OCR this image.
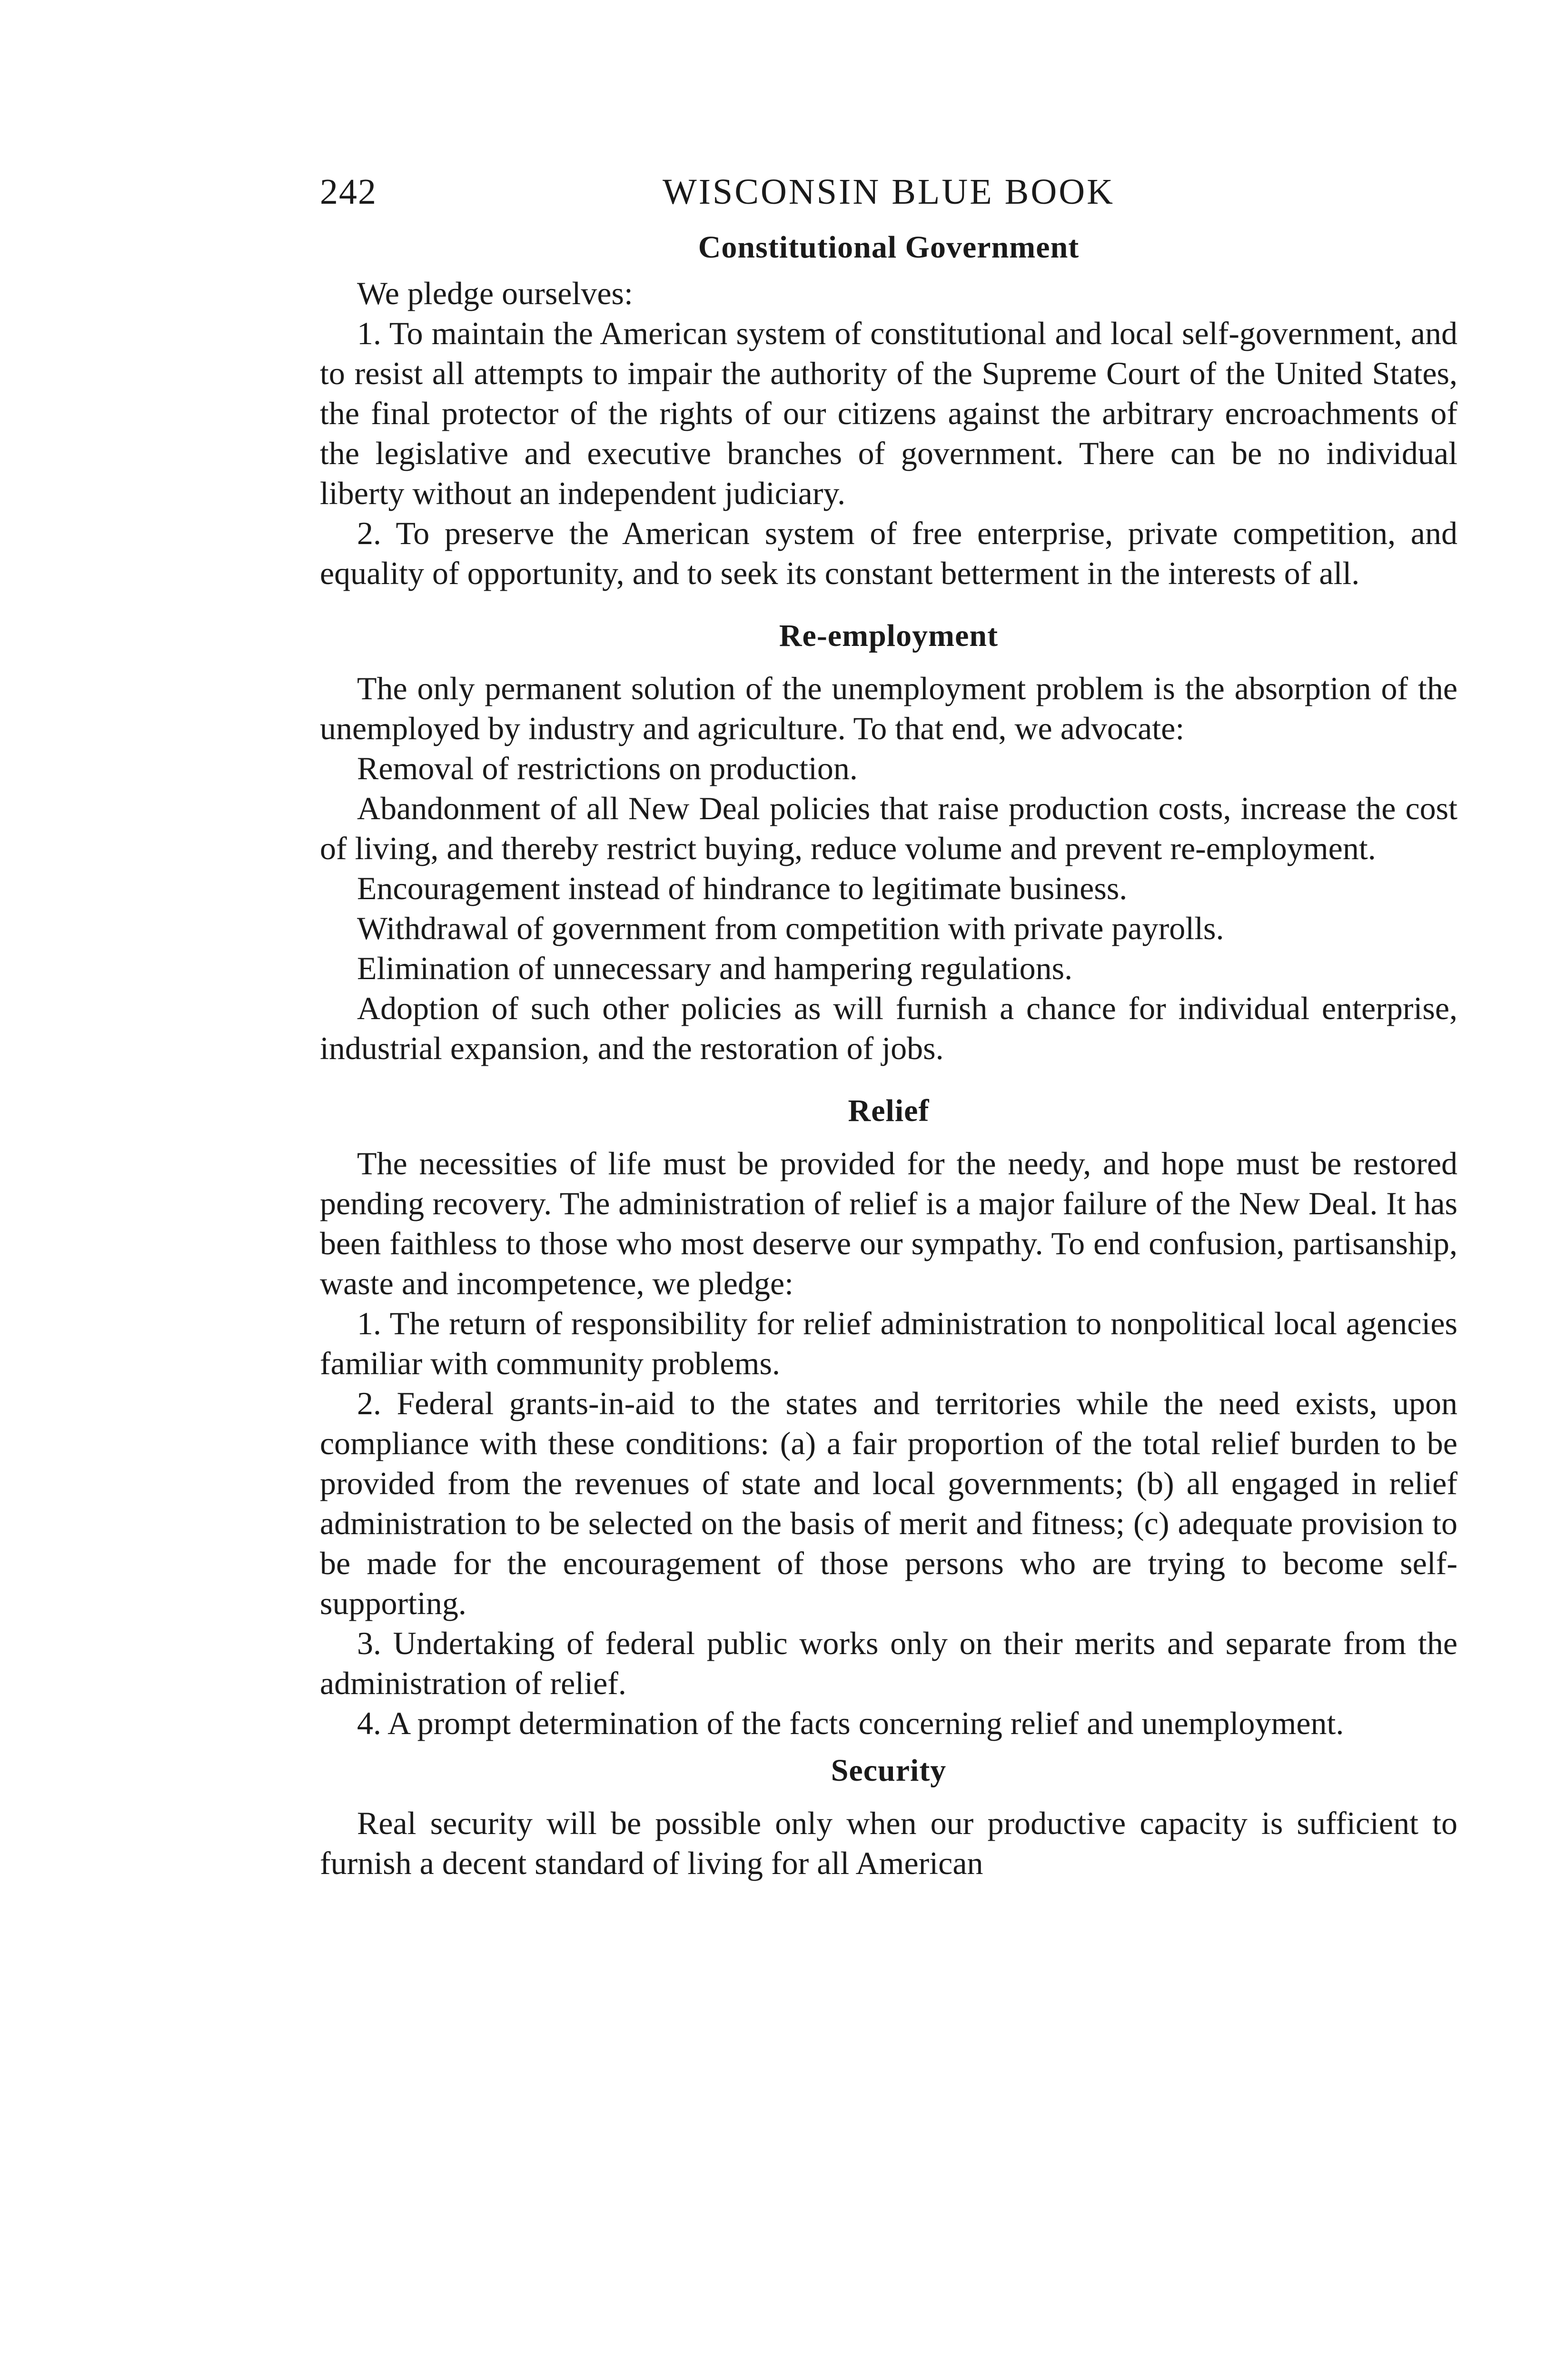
242	WISCONSIN BLUE BOOK
Constitutional Government

We pledge ourselves:

1. To maintain the American system of constitutional and local self-government, and to resist all attempts to impair the authority of the Supreme Court of the United States, the final protector of the rights of our citizens against the arbitrary encroachments of the legislative and executive branches of government. There can be no individual liberty without an independent judiciary.

2. To preserve the American system of free enterprise, private competition, and equality of opportunity, and to seek its constant betterment in the interests of all.

Re-employment

The only permanent solution of the unemployment problem is the absorption of the unemployed by industry and agriculture. To that end, we advocate:

Removal of restrictions on production.

Abandonment of all New Deal policies that raise production costs, increase the cost of living, and thereby restrict buying, reduce volume and prevent re-employment.

Encouragement instead of hindrance to legitimate business.

Withdrawal of government from competition with private payrolls.

Elimination of unnecessary and hampering regulations.

Adoption of such other policies as will furnish a chance for individual enterprise, industrial expansion, and the restoration of jobs.

Relief

The necessities of life must be provided for the needy, and hope must be restored pending recovery. The administration of relief is a major failure of the New Deal. It has been faithless to those who most deserve our sympathy. To end confusion, partisanship, waste and incompetence, we pledge:

1. The return of responsibility for relief administration to nonpolitical local agencies familiar with community problems.

2. Federal grants-in-aid to the states and territories while the need exists, upon compliance with these conditions: (a) a fair proportion of the total relief burden to be provided from the revenues of state and local governments; (b) all engaged in relief administration to be selected on the basis of merit and fitness; (c) adequate provision to be made for the encouragement of those persons who are trying to become self-supporting.

3. Undertaking of federal public works only on their merits and separate from the administration of relief.

4. A prompt determination of the facts concerning relief and unemployment.

Security

Real security will be possible only when our productive capacity is sufficient to furnish a decent standard of living for all American
